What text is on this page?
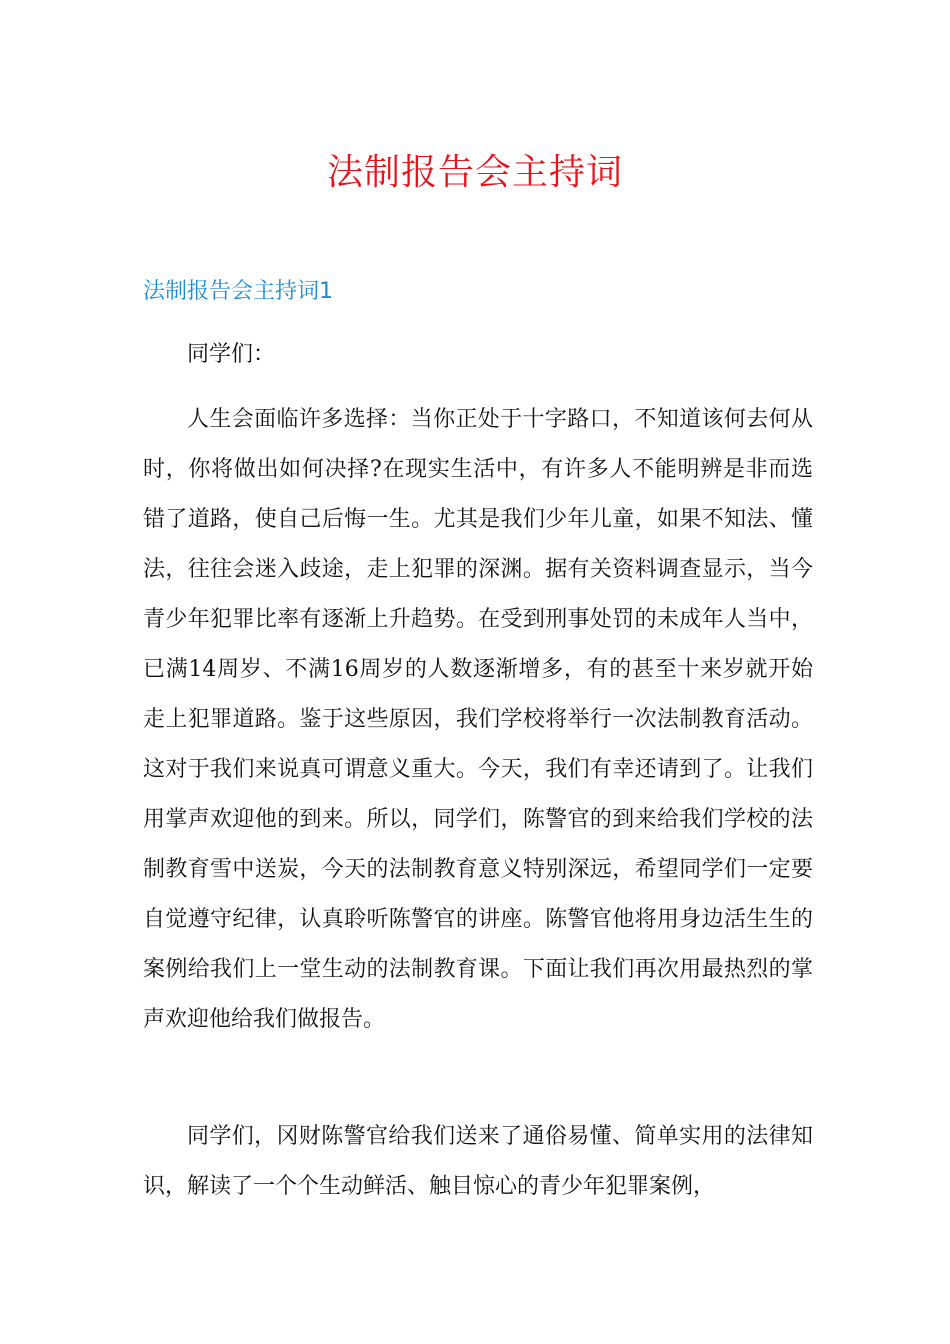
法制报告会主持词
法制报告会主持词1

同学们：

人生会面临许多选择：当你正处于十字路口，不知道该何去何从时，你将做出如何决择?在现实生活中，有许多人不能明辨是非而选错了道路，使自己后悔一生。尤其是我们少年儿童，如果不知法、懂法，往往会迷入歧途，走上犯罪的深渊。据有关资料调查显示，当今青少年犯罪比率有逐渐上升趋势。在受到刑事处罚的未成年人当中，已满14周岁、不满16周岁的人数逐渐增多，有的甚至十来岁就开始走上犯罪道路。鉴于这些原因，我们学校将举行一次法制教育活动。这对于我们来说真可谓意义重大。今天，我们有幸还请到了。让我们用掌声欢迎他的到来。所以，同学们，陈警官的到来给我们学校的法制教育雪中送炭，今天的法制教育意义特别深远，希望同学们一定要自觉遵守纪律，认真聆听陈警官的讲座。陈警官他将用身边活生生的案例给我们上一堂生动的法制教育课。下面让我们再次用最热烈的掌声欢迎他给我们做报告。

同学们，冈财陈警官给我们送来了通俗易懂、简单实用的法律知识，解读了一个个生动鲜活、触目惊心的青少年犯罪案例，
